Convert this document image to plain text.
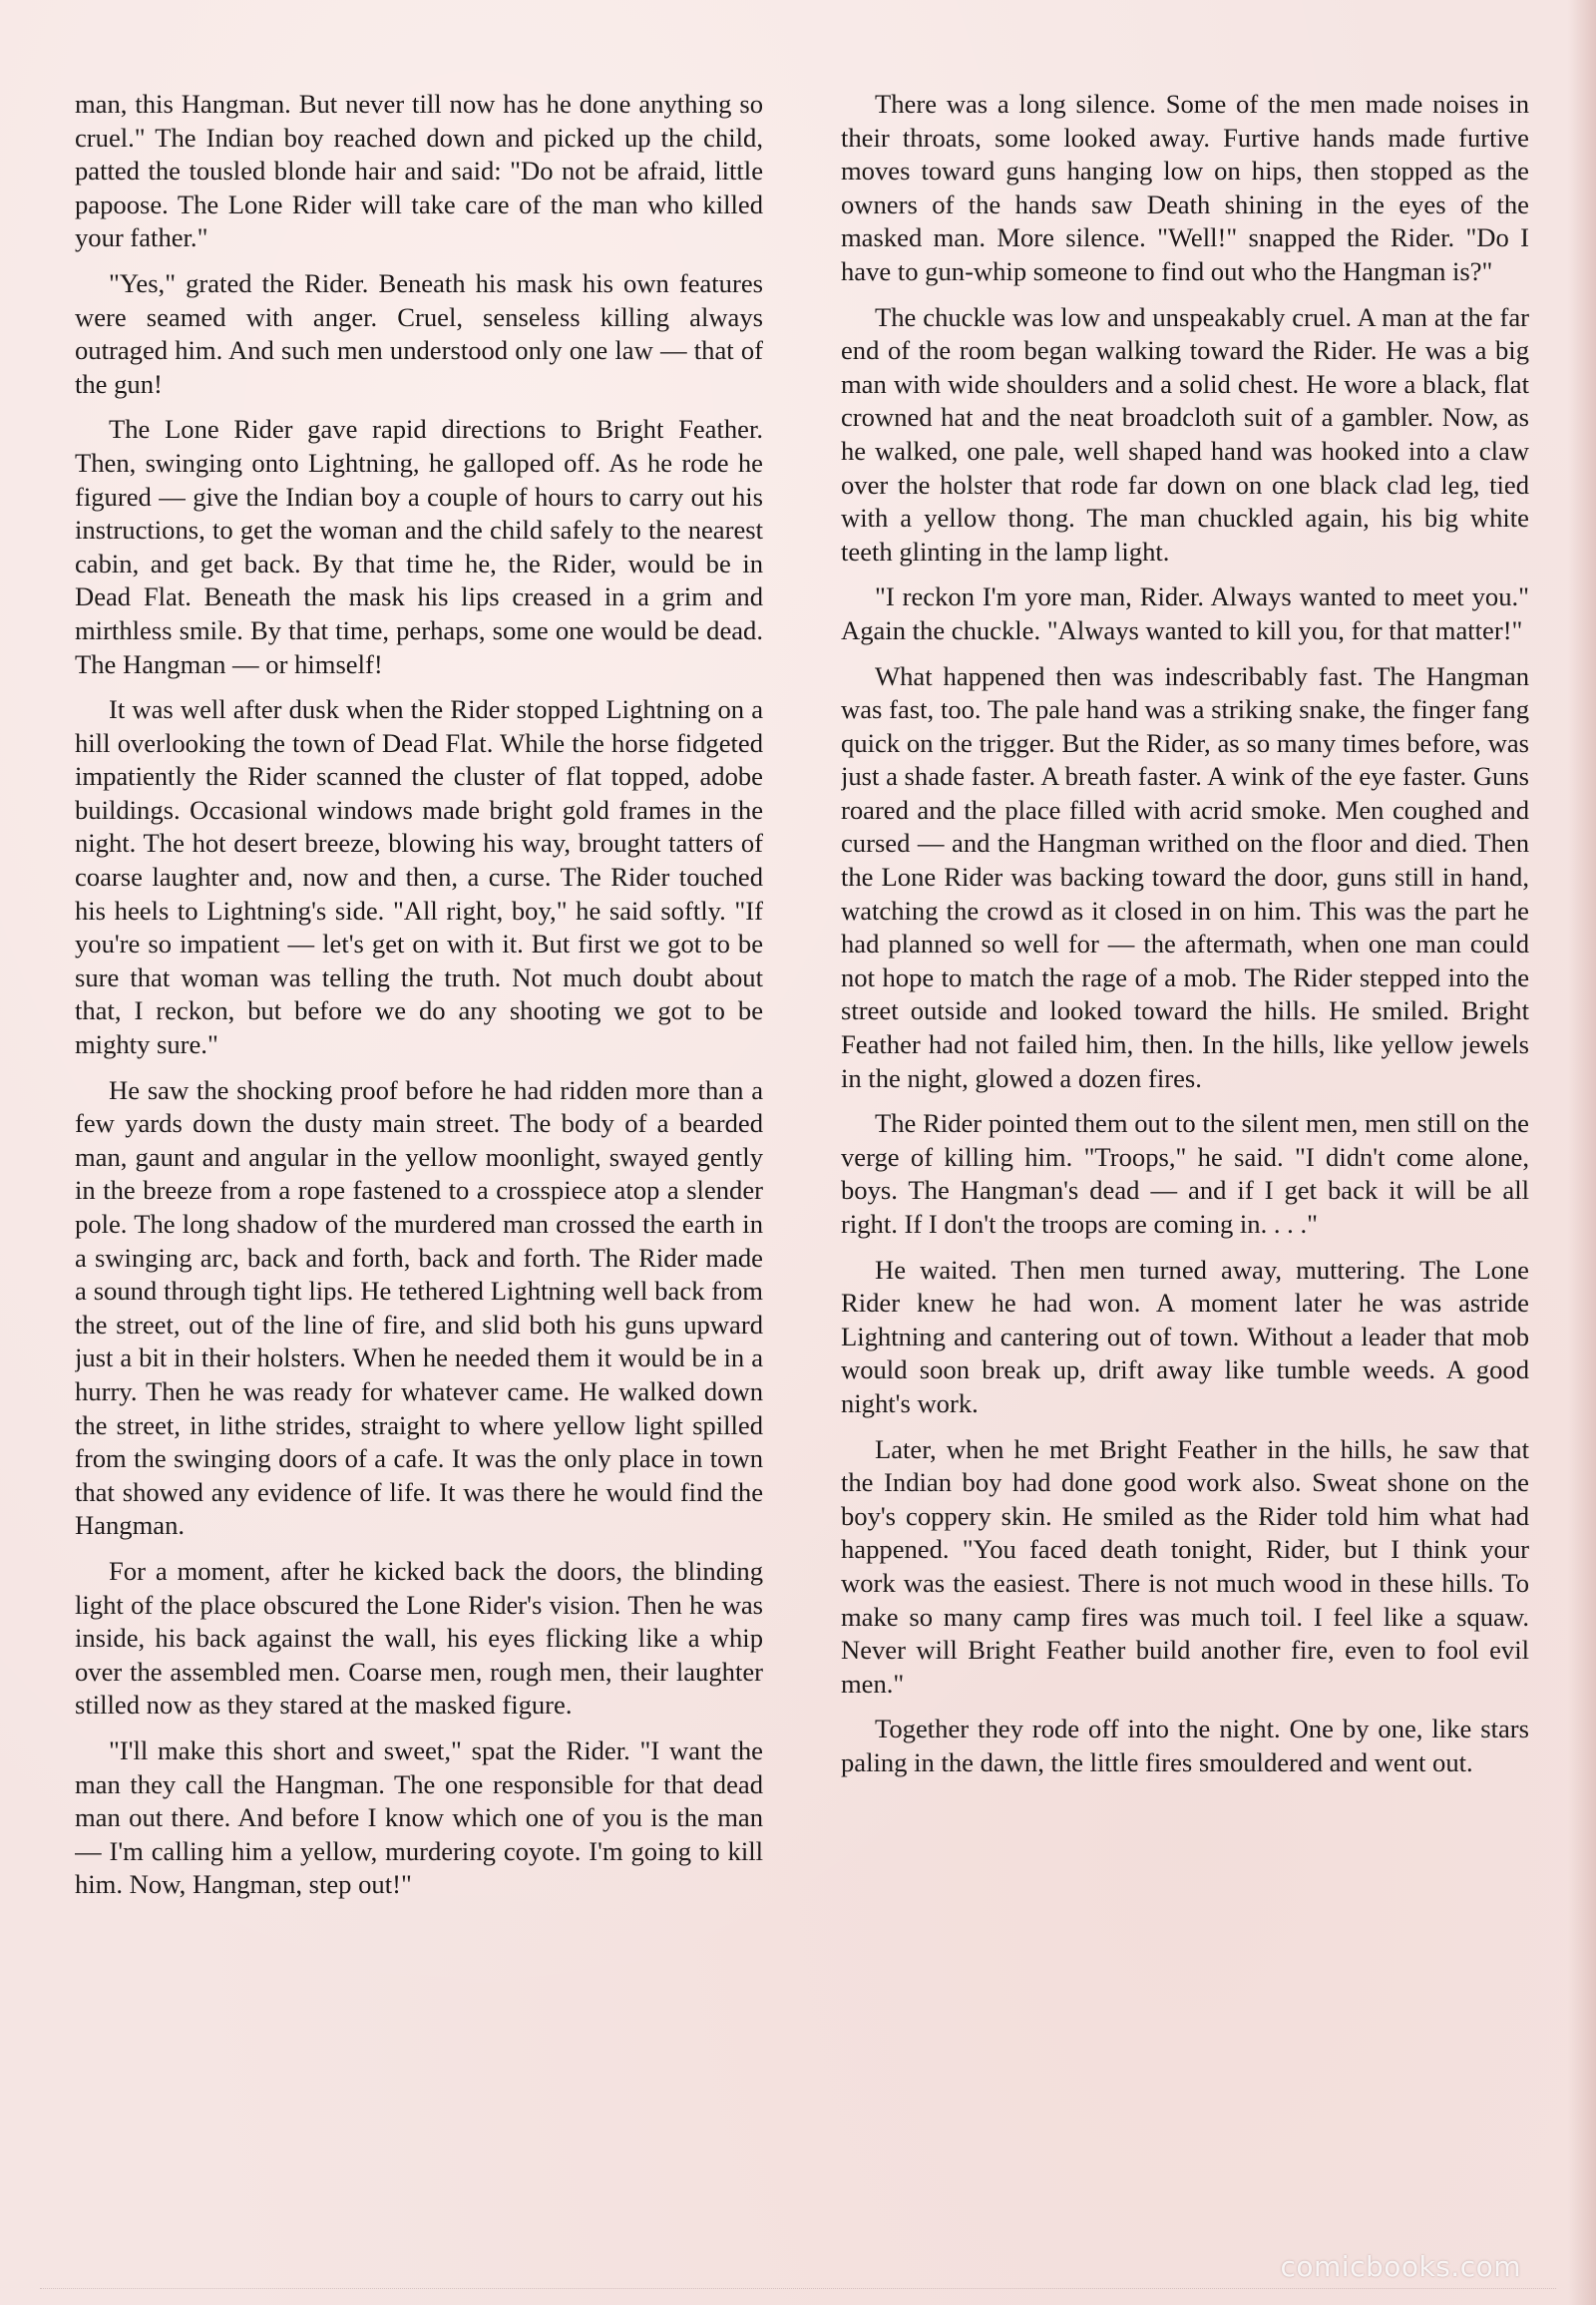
man, this Hangman. But never till now has he done anything so cruel." The Indian boy reached down and picked up the child, patted the tousled blonde hair and said: "Do not be afraid, little papoose. The Lone Rider will take care of the man who killed your father."

"Yes," grated the Rider. Beneath his mask his own features were seamed with anger. Cruel, senseless killing always outraged him. And such men understood only one law — that of the gun!

The Lone Rider gave rapid directions to Bright Feather. Then, swinging onto Lightning, he galloped off. As he rode he figured — give the Indian boy a couple of hours to carry out his instructions, to get the woman and the child safely to the nearest cabin, and get back. By that time he, the Rider, would be in Dead Flat. Beneath the mask his lips creased in a grim and mirthless smile. By that time, perhaps, some one would be dead. The Hangman — or himself!

It was well after dusk when the Rider stopped Lightning on a hill overlooking the town of Dead Flat. While the horse fidgeted impatiently the Rider scanned the cluster of flat topped, adobe buildings. Occasional windows made bright gold frames in the night. The hot desert breeze, blowing his way, brought tatters of coarse laughter and, now and then, a curse. The Rider touched his heels to Lightning's side. "All right, boy," he said softly. "If you're so impatient — let's get on with it. But first we got to be sure that woman was telling the truth. Not much doubt about that, I reckon, but before we do any shooting we got to be mighty sure."

He saw the shocking proof before he had ridden more than a few yards down the dusty main street. The body of a bearded man, gaunt and angular in the yellow moonlight, swayed gently in the breeze from a rope fastened to a crosspiece atop a slender pole. The long shadow of the murdered man crossed the earth in a swinging arc, back and forth, back and forth. The Rider made a sound through tight lips. He tethered Lightning well back from the street, out of the line of fire, and slid both his guns upward just a bit in their holsters. When he needed them it would be in a hurry. Then he was ready for whatever came. He walked down the street, in lithe strides, straight to where yellow light spilled from the swinging doors of a cafe. It was the only place in town that showed any evidence of life. It was there he would find the Hangman.

For a moment, after he kicked back the doors, the blinding light of the place obscured the Lone Rider's vision. Then he was inside, his back against the wall, his eyes flicking like a whip over the assembled men. Coarse men, rough men, their laughter stilled now as they stared at the masked figure.

"I'll make this short and sweet," spat the Rider. "I want the man they call the Hangman. The one responsible for that dead man out there. And before I know which one of you is the man — I'm calling him a yellow, murdering coyote. I'm going to kill him. Now, Hangman, step out!"

There was a long silence. Some of the men made noises in their throats, some looked away. Furtive hands made furtive moves toward guns hanging low on hips, then stopped as the owners of the hands saw Death shining in the eyes of the masked man. More silence. "Well!" snapped the Rider. "Do I have to gun-whip someone to find out who the Hangman is?"

The chuckle was low and unspeakably cruel. A man at the far end of the room began walking toward the Rider. He was a big man with wide shoulders and a solid chest. He wore a black, flat crowned hat and the neat broadcloth suit of a gambler. Now, as he walked, one pale, well shaped hand was hooked into a claw over the holster that rode far down on one black clad leg, tied with a yellow thong. The man chuckled again, his big white teeth glinting in the lamp light.

"I reckon I'm yore man, Rider. Always wanted to meet you." Again the chuckle. "Always wanted to kill you, for that matter!"

What happened then was indescribably fast. The Hangman was fast, too. The pale hand was a striking snake, the finger fang quick on the trigger. But the Rider, as so many times before, was just a shade faster. A breath faster. A wink of the eye faster. Guns roared and the place filled with acrid smoke. Men coughed and cursed — and the Hangman writhed on the floor and died. Then the Lone Rider was backing toward the door, guns still in hand, watching the crowd as it closed in on him. This was the part he had planned so well for — the aftermath, when one man could not hope to match the rage of a mob. The Rider stepped into the street outside and looked toward the hills. He smiled. Bright Feather had not failed him, then. In the hills, like yellow jewels in the night, glowed a dozen fires.

The Rider pointed them out to the silent men, men still on the verge of killing him. "Troops," he said. "I didn't come alone, boys. The Hangman's dead — and if I get back it will be all right. If I don't the troops are coming in. . . ."

He waited. Then men turned away, muttering. The Lone Rider knew he had won. A moment later he was astride Lightning and cantering out of town. Without a leader that mob would soon break up, drift away like tumble weeds. A good night's work.

Later, when he met Bright Feather in the hills, he saw that the Indian boy had done good work also. Sweat shone on the boy's coppery skin. He smiled as the Rider told him what had happened. "You faced death tonight, Rider, but I think your work was the easiest. There is not much wood in these hills. To make so many camp fires was much toil. I feel like a squaw. Never will Bright Feather build another fire, even to fool evil men."

Together they rode off into the night. One by one, like stars paling in the dawn, the little fires smouldered and went out.

comicbooks.com
